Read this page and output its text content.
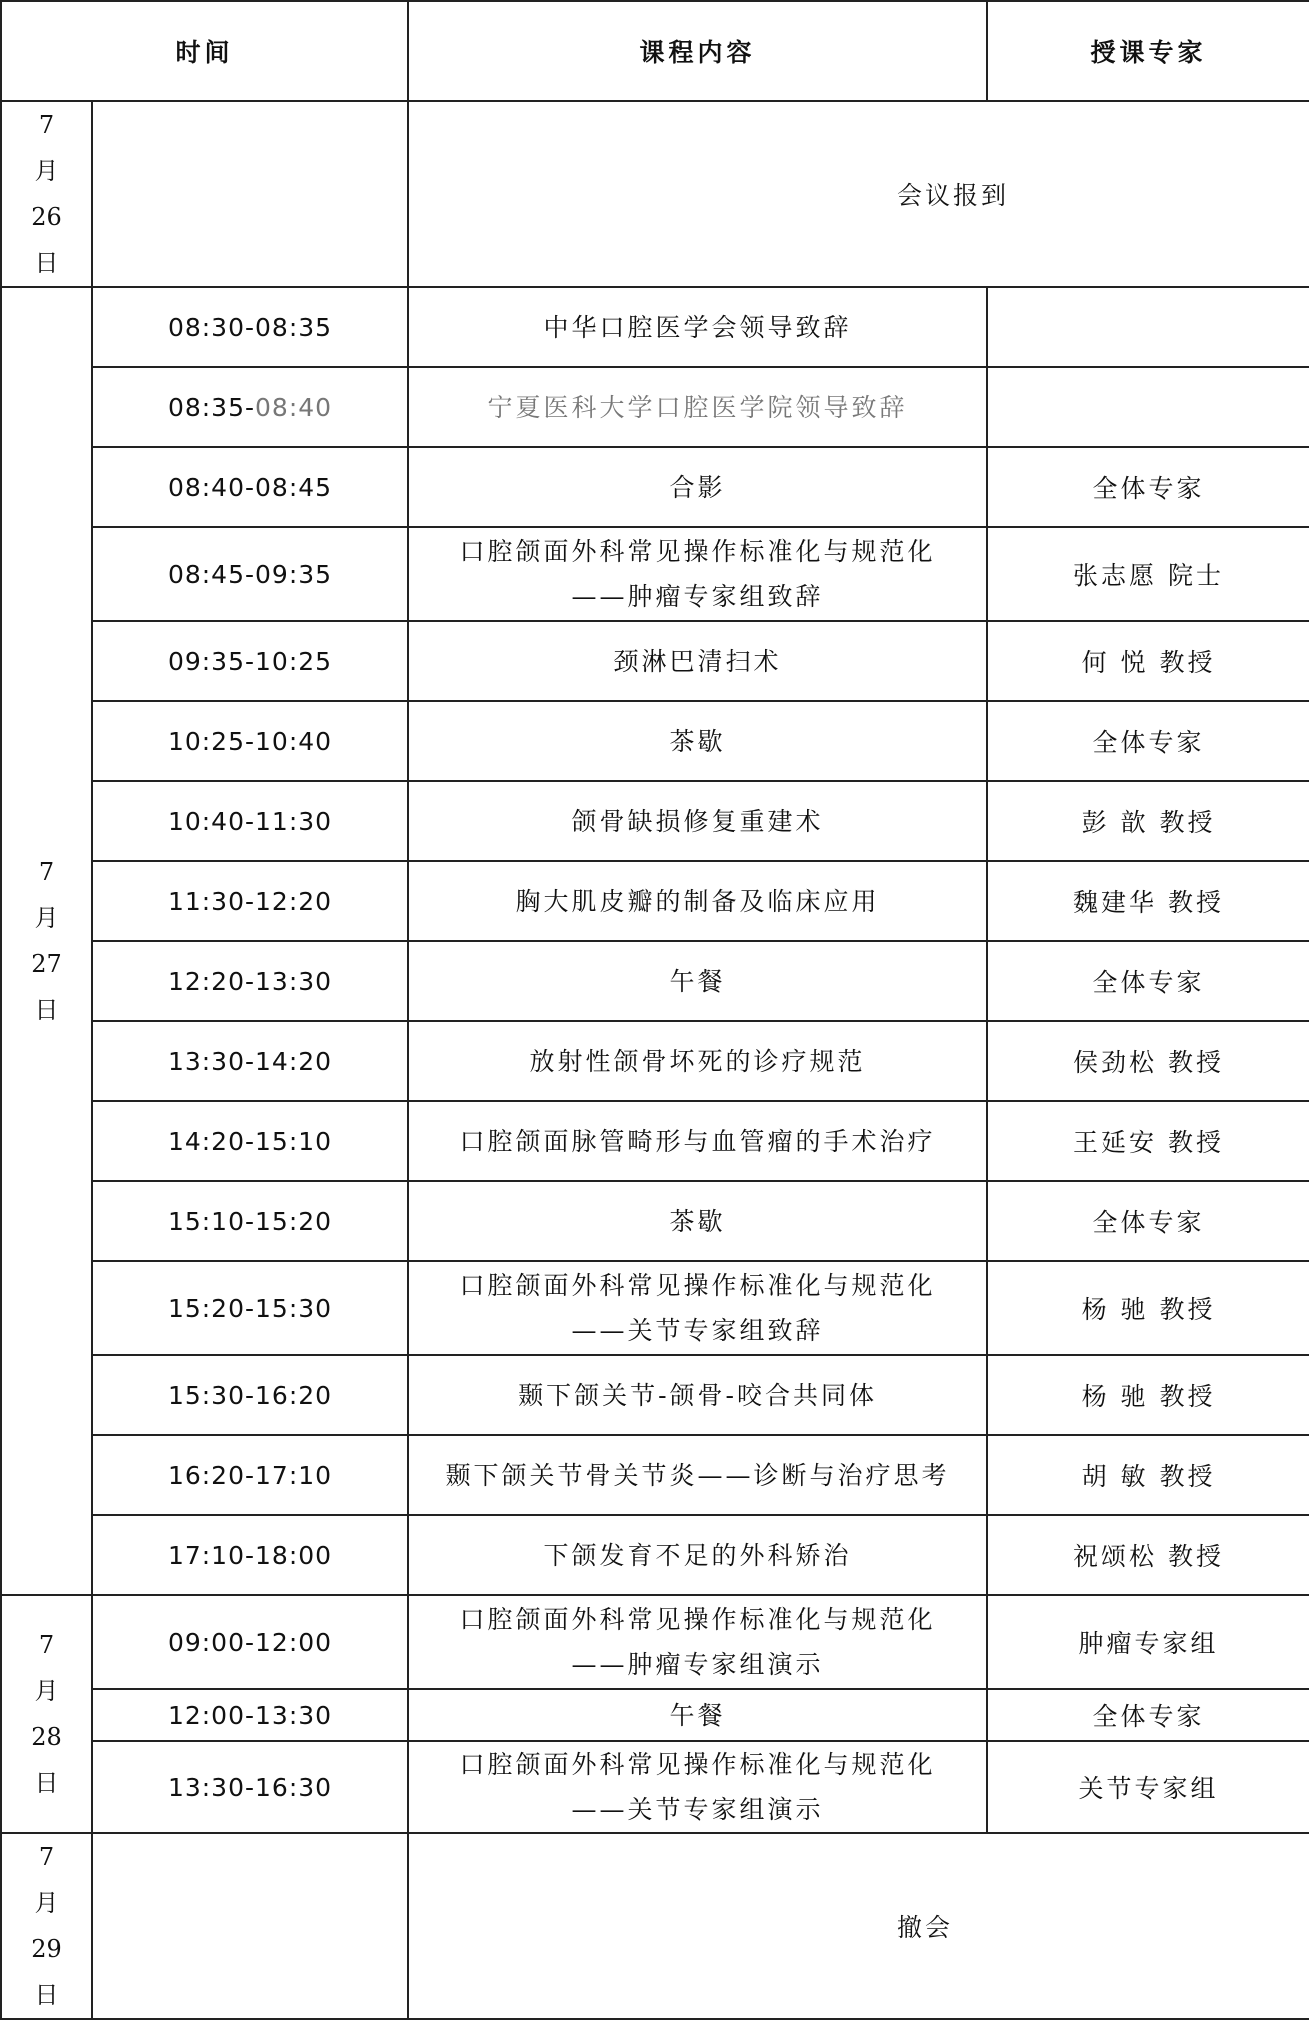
时间		课程内容	授课专家

7
月
26
日		会议报到	

7
月
27
日	08:30-08:35	中华口腔医学会领导致辞	

	08:35-08:40	宁夏医科大学口腔医学院领导致辞	

	08:40-08:45	合影	全体专家
	08:45-09:35	口腔颌面外科常见操作标准化与规范化
——肿瘤专家组致辞	张志愿 院士
	09:35-10:25	颈淋巴清扫术	何 悦 教授
	10:25-10:40	茶歇	全体专家
	10:40-11:30	颌骨缺损修复重建术	彭 歆 教授
	11:30-12:20	胸大肌皮瓣的制备及临床应用	魏建华 教授
	12:20-13:30	午餐	全体专家
	13:30-14:20	放射性颌骨坏死的诊疗规范	侯劲松 教授
	14:20-15:10	口腔颌面脉管畸形与血管瘤的手术治疗	王延安 教授
	15:10-15:20	茶歇	全体专家
	15:20-15:30	口腔颌面外科常见操作标准化与规范化
——关节专家组致辞	杨 驰 教授
	15:30-16:20	颞下颌关节-颌骨-咬合共同体	杨 驰 教授
	16:20-17:10	颞下颌关节骨关节炎——诊断与治疗思考	胡 敏 教授
	17:10-18:00	下颌发育不足的外科矫治	祝颂松 教授

7
月
28
日	09:00-12:00	口腔颌面外科常见操作标准化与规范化
——肿瘤专家组演示	肿瘤专家组
	12:00-13:30	午餐	全体专家
	13:30-16:30	口腔颌面外科常见操作标准化与规范化
——关节专家组演示	关节专家组

7
月
29
日		撤会	
